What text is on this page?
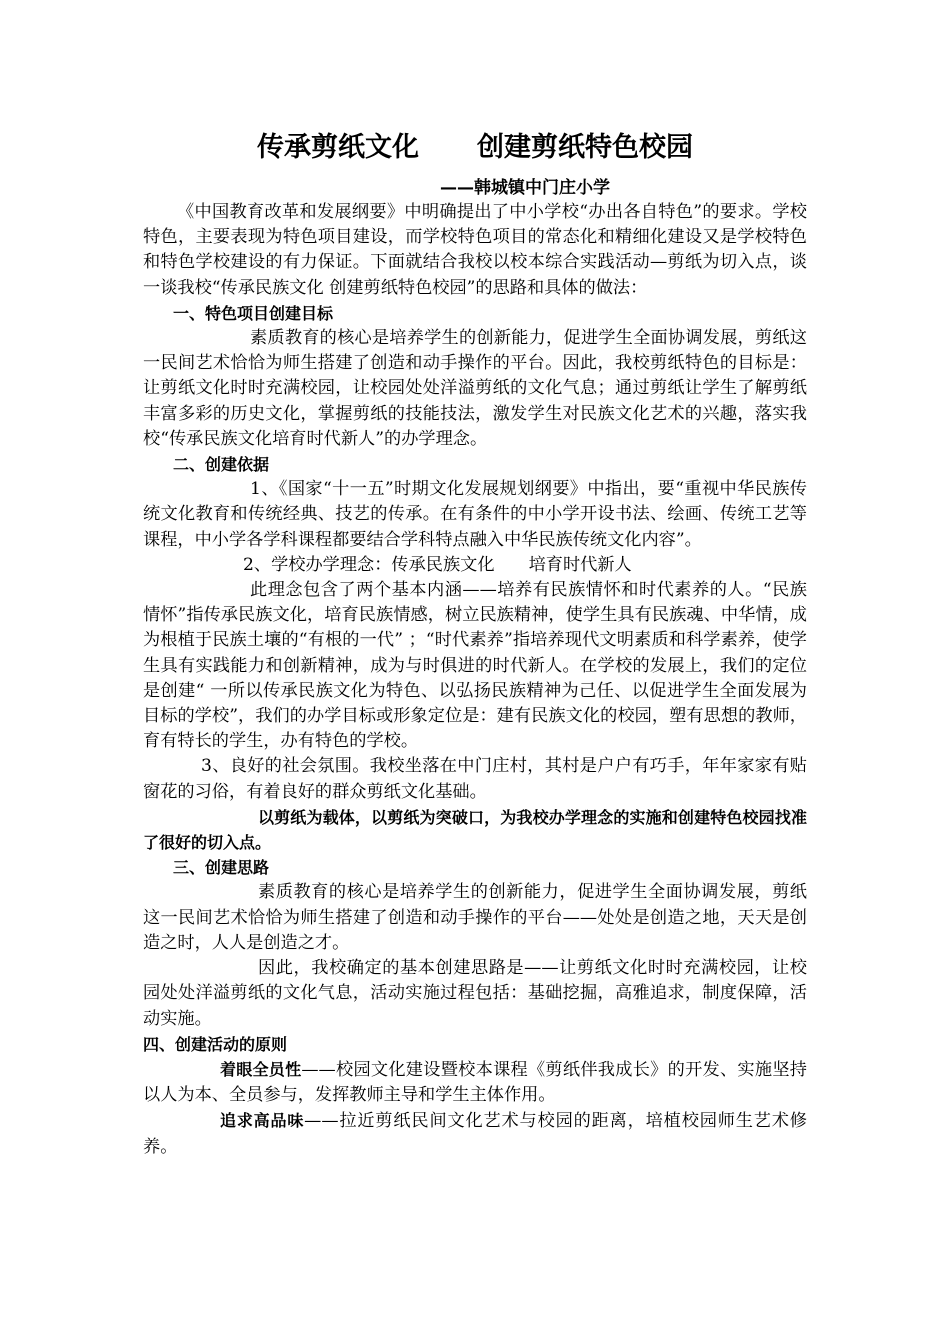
传承剪纸文化 创建剪纸特色校园
——韩城镇中门庄小学

《中国教育改革和发展纲要》中明确提出了中小学校“办出各自特色”的要求。学校特色，主要表现为特色项目建设，而学校特色项目的常态化和精细化建设又是学校特色和特色学校建设的有力保证。下面就结合我校以校本综合实践活动—剪纸为切入点，谈一谈我校“传承民族文化 创建剪纸特色校园”的思路和具体的做法：

一、特色项目创建目标

素质教育的核心是培养学生的创新能力，促进学生全面协调发展，剪纸这一民间艺术恰恰为师生搭建了创造和动手操作的平台。因此，我校剪纸特色的目标是：让剪纸文化时时充满校园，让校园处处洋溢剪纸的文化气息；通过剪纸让学生了解剪纸丰富多彩的历史文化，掌握剪纸的技能技法，激发学生对民族文化艺术的兴趣，落实我校“传承民族文化培育时代新人”的办学理念。

二、创建依据

1、《国家“十一五”时期文化发展规划纲要》中指出，要“重视中华民族传统文化教育和传统经典、技艺的传承。在有条件的中小学开设书法、绘画、传统工艺等课程，中小学各学科课程都要结合学科特点融入中华民族传统文化内容”。

2、学校办学理念：传承民族文化 培育时代新人

此理念包含了两个基本内涵——培养有民族情怀和时代素养的人。“民族情怀”指传承民族文化，培育民族情感，树立民族精神，使学生具有民族魂、中华情，成为根植于民族土壤的“有根的一代” ；“时代素养”指培养现代文明素质和科学素养，使学生具有实践能力和创新精神，成为与时俱进的时代新人。在学校的发展上，我们的定位是创建“ 一所以传承民族文化为特色、以弘扬民族精神为己任、以促进学生全面发展为目标的学校”，我们的办学目标或形象定位是：建有民族文化的校园，塑有思想的教师，育有特长的学生，办有特色的学校。

3、良好的社会氛围。我校坐落在中门庄村，其村是户户有巧手，年年家家有贴窗花的习俗，有着良好的群众剪纸文化基础。

以剪纸为载体，以剪纸为突破口，为我校办学理念的实施和创建特色校园找准了很好的切入点。

三、创建思路

素质教育的核心是培养学生的创新能力，促进学生全面协调发展，剪纸这一民间艺术恰恰为师生搭建了创造和动手操作的平台——处处是创造之地，天天是创造之时，人人是创造之才。

因此，我校确定的基本创建思路是——让剪纸文化时时充满校园，让校园处处洋溢剪纸的文化气息，活动实施过程包括：基础挖掘，高雅追求，制度保障，活动实施。

四、创建活动的原则

着眼全员性——校园文化建设暨校本课程《剪纸伴我成长》的开发、实施坚持以人为本、全员参与，发挥教师主导和学生主体作用。

追求高品味——拉近剪纸民间文化艺术与校园的距离，培植校园师生艺术修养。
